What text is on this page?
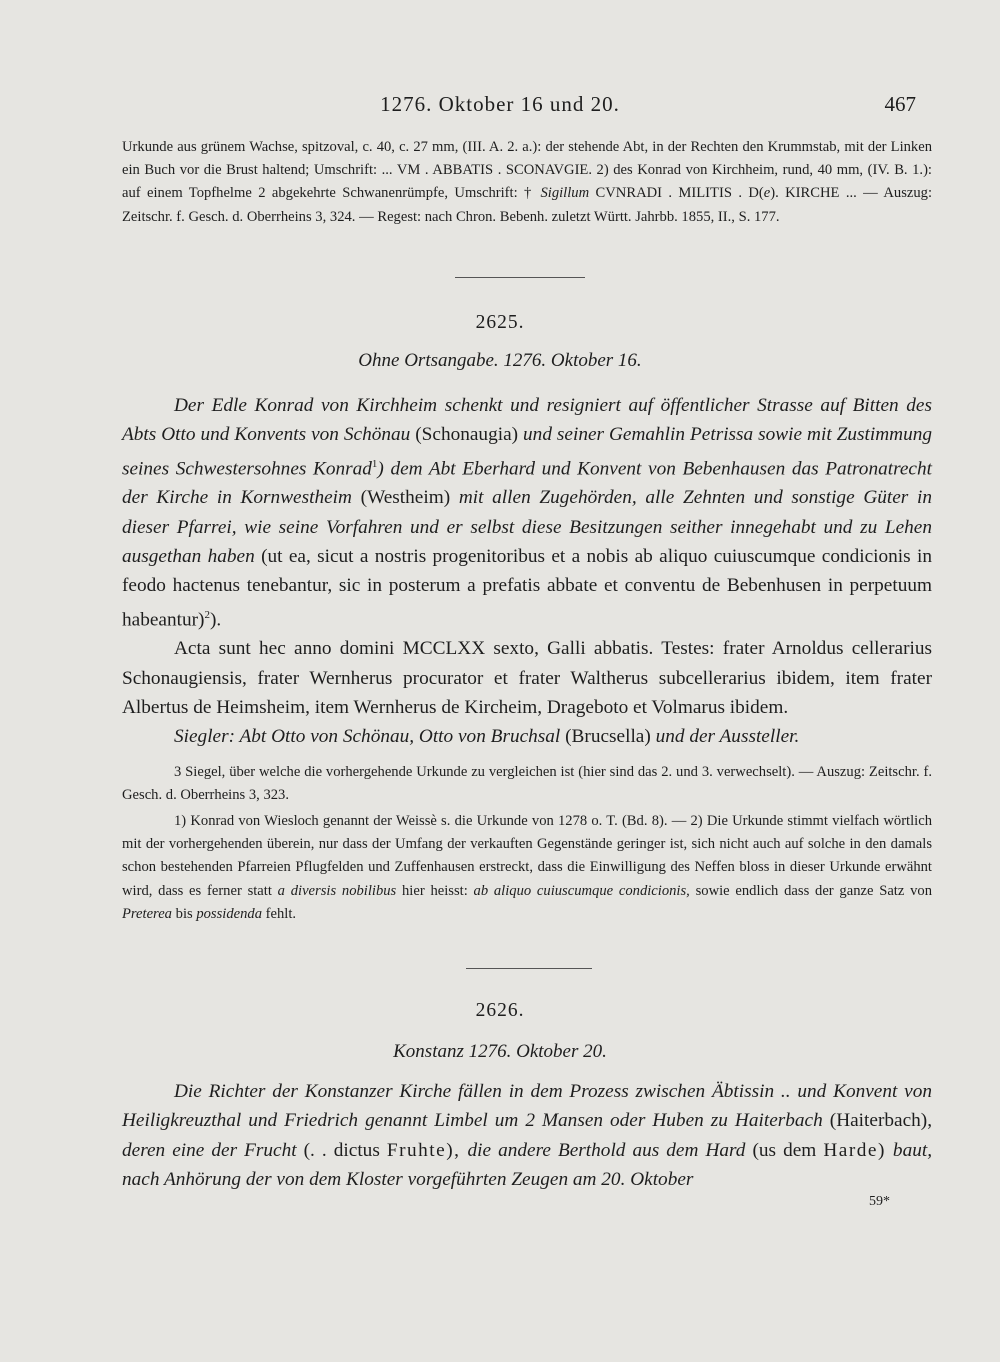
1276. Oktober 16 und 20.	467
Urkunde aus grünem Wachse, spitzoval, c. 40, c. 27 mm, (III. A. 2. a.): der stehende Abt, in der Rechten den Krummstab, mit der Linken ein Buch vor die Brust haltend; Umschrift: ... VM . ABBATIS . SCONAVGIE. 2) des Konrad von Kirchheim, rund, 40 mm, (IV. B. 1.): auf einem Topfhelme 2 abgekehrte Schwanenrümpfe, Umschrift: † Sigillum CVNRADI . MILITIS . D(e). KIRCHE ... — Auszug: Zeitschr. f. Gesch. d. Oberrheins 3, 324. — Regest: nach Chron. Bebenh. zuletzt Württ. Jahrbb. 1855, II., S. 177.
2625.
Ohne Ortsangabe. 1276. Oktober 16.

Der Edle Konrad von Kirchheim schenkt und resigniert auf öffentlicher Strasse auf Bitten des Abts Otto und Konvents von Schönau (Schonaugia) und seiner Gemahlin Petrissa sowie mit Zustimmung seines Schwestersohnes Konrad$^1$) dem Abt Eberhard und Konvent von Bebenhausen das Patronatrecht der Kirche in Kornwestheim (Westheim) mit allen Zugehörden, alle Zehnten und sonstige Güter in dieser Pfarrei, wie seine Vorfahren und er selbst diese Besitzungen seither innegehabt und zu Lehen ausgethan haben (ut ea, sicut a nostris progenitoribus et a nobis ab aliquo cuiuscumque condicionis in feodo hactenus tenebantur, sic in posterum a prefatis abbate et conventu de Bebenhusen in perpetuum habeantur)$^2$).

Acta sunt hec anno domini MCCLXX sexto, Galli abbatis. Testes: frater Arnoldus cellerarius Schonaugiensis, frater Wernherus procurator et frater Waltherus subcellerarius ibidem, item frater Albertus de Heimsheim, item Wernherus de Kircheim, Drageboto et Volmarus ibidem.

Siegler: Abt Otto von Schönau, Otto von Bruchsal (Brucsella) und der Aussteller.

3 Siegel, über welche die vorhergehende Urkunde zu vergleichen ist (hier sind das 2. und 3. verwechselt). — Auszug: Zeitschr. f. Gesch. d. Oberrheins 3, 323.
1) Konrad von Wiesloch genannt der Weissè s. die Urkunde von 1278 o. T. (Bd. 8). — 2) Die Urkunde stimmt vielfach wörtlich mit der vorhergehenden überein, nur dass der Umfang der verkauften Gegenstände geringer ist, sich nicht auch auf solche in den damals schon bestehenden Pfarreien Pflugfelden und Zuffenhausen erstreckt, dass die Einwilligung des Neffen bloss in dieser Urkunde erwähnt wird, dass es ferner statt a diversis nobilibus hier heisst: ab aliquo cuiuscumque condicionis, sowie endlich dass der ganze Satz von Preterea bis possidenda fehlt.
2626.
Konstanz 1276. Oktober 20.

Die Richter der Konstanzer Kirche fällen in dem Prozess zwischen Äbtissin .. und Konvent von Heiligkreuzthal und Friedrich genannt Limbel um 2 Mansen oder Huben zu Haiterbach (Haiterbach), deren eine der Frucht (. . dictus Fruhte), die andere Berthold aus dem Hard (us dem Harde) baut, nach Anhörung der von dem Kloster vorgeführten Zeugen am 20. Oktober

59*
